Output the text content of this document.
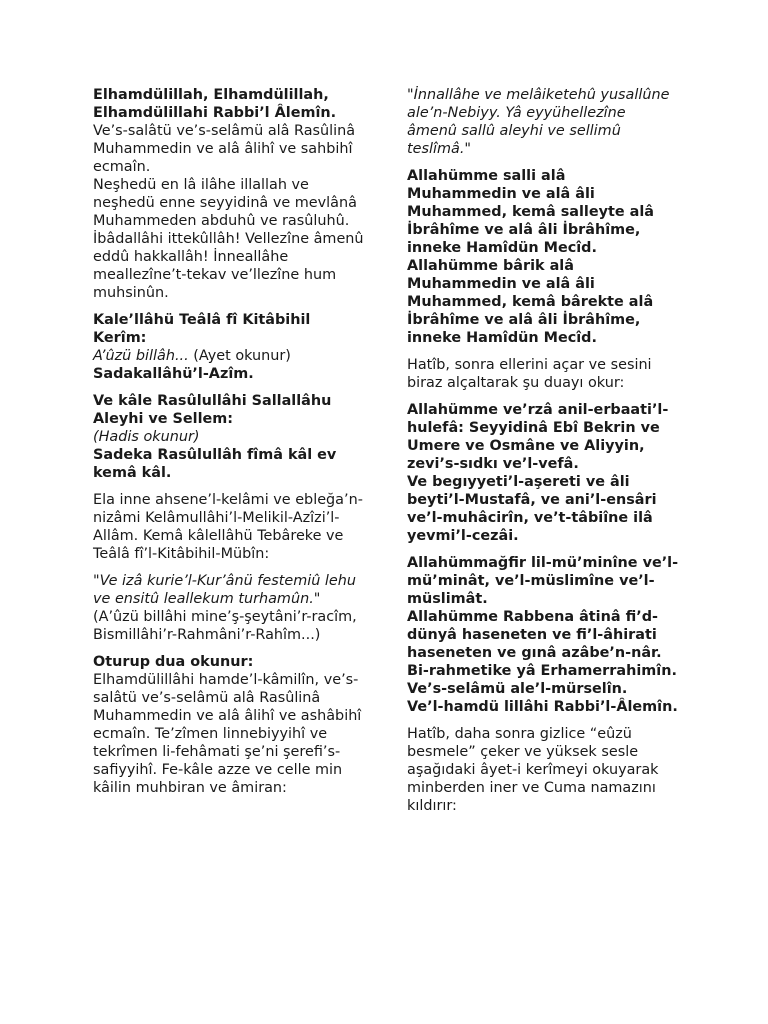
Elhamdülillah, Elhamdülillah, Elhamdülillahi Rabbi’l Âlemîn.
Ve’s-salâtü ve’s-selâmü alâ Rasûlinâ Muhammedin ve alâ âlihî ve sahbihî ecmaîn.
Neşhedü en lâ ilâhe illallah ve neşhedü enne seyyidinâ ve mevlânâ Muhammeden abduhû ve rasûluhû.
İbâdallâhi ittekûllâh! Vellezîne âmenû eddû hakkallâh! İnneallâhe meallezîne’t-tekav ve’llezîne hum muhsinûn.

Kale’llâhü Teâlâ fî Kitâbihil Kerîm:
A’ûzü billâh... (Ayet okunur)
Sadakallâhü’l-Azîm.

Ve kâle Rasûlullâhi Sallallâhu Aleyhi ve Sellem:
(Hadis okunur)
Sadeka Rasûlullâh fîmâ kâl ev kemâ kâl.

Ela inne ahsene’l-kelâmi ve ebleğa’n-nizâmi Kelâmullâhi’l-Melikil-Azîzi’l-Allâm. Kemâ kâlellâhü Tebâreke ve Teâlâ fî’l-Kitâbihil-Mübîn:

"Ve izâ kurie’l-Kur’ânü festemiû lehu ve ensitû leallekum turhamûn."
(A’ûzü billâhi mine’ş-şeytâni’r-racîm, Bismillâhi’r-Rahmâni’r-Rahîm...)

Oturup dua okunur:
Elhamdülillâhi hamde’l-kâmilîn, ve’s-salâtü ve’s-selâmü alâ Rasûlinâ Muhammedin ve alâ âlihî ve ashâbihî ecmaîn. Te’zîmen linnebiyyihî ve tekrîmen li-fehâmati şe’ni şerefi’s-safiyyihî. Fe-kâle azze ve celle min kâilin muhbiran ve âmiran:

"İnnallâhe ve melâiketehû yusallûne ale’n-Nebiyy. Yâ eyyühellezîne âmenû sallû aleyhi ve sellimû teslîmâ."

Allahümme salli alâ Muhammedin ve alâ âli Muhammed, kemâ salleyte alâ İbrâhîme ve alâ âli İbrâhîme, inneke Hamîdün Mecîd.
Allahümme bârik alâ Muhammedin ve alâ âli Muhammed, kemâ bârekte alâ İbrâhîme ve alâ âli İbrâhîme, inneke Hamîdün Mecîd.

Hatîb, sonra ellerini açar ve sesini biraz alçaltarak şu duayı okur:

Allahümme ve’rzâ anil-erbaati’l-hulefâ: Seyyidinâ Ebî Bekrin ve Umere ve Osmâne ve Aliyyin, zevi’s-sıdkı ve’l-vefâ.
Ve begıyyeti’l-aşereti ve âli beyti’l-Mustafâ, ve ani’l-ensâri ve’l-muhâcirîn, ve’t-tâbiîne ilâ yevmi’l-cezâi.

Allahümmağfir lil-mü’minîne ve’l-mü’minât, ve’l-müslimîne ve’l-müslimât.
Allahümme Rabbena âtinâ fi’d-dünyâ haseneten ve fi’l-âhirati haseneten ve gınâ azâbe’n-nâr.
Bi-rahmetike yâ Erhamerrahimîn.
Ve’s-selâmü ale’l-mürselîn.
Ve’l-hamdü lillâhi Rabbi’l-Âlemîn.

Hatîb, daha sonra gizlice “eûzü besmele” çeker ve yüksek sesle aşağıdaki âyet-i kerîmeyi okuyarak minberden iner ve Cuma namazını kıldırır:
